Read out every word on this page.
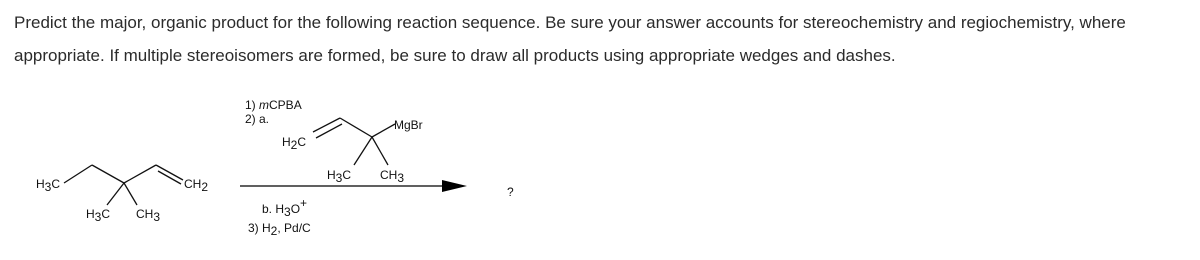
Predict the major, organic product for the following reaction sequence. Be sure your answer accounts for stereochemistry and regiochemistry, where appropriate. If multiple stereoisomers are formed, be sure to draw all products using appropriate wedges and dashes.

H3C	CH2
H3C CH3
1) mCPBA
2) a.
H2C
MgBr
H3C CH3
b. H3O+
3) H2, Pd/C
?
